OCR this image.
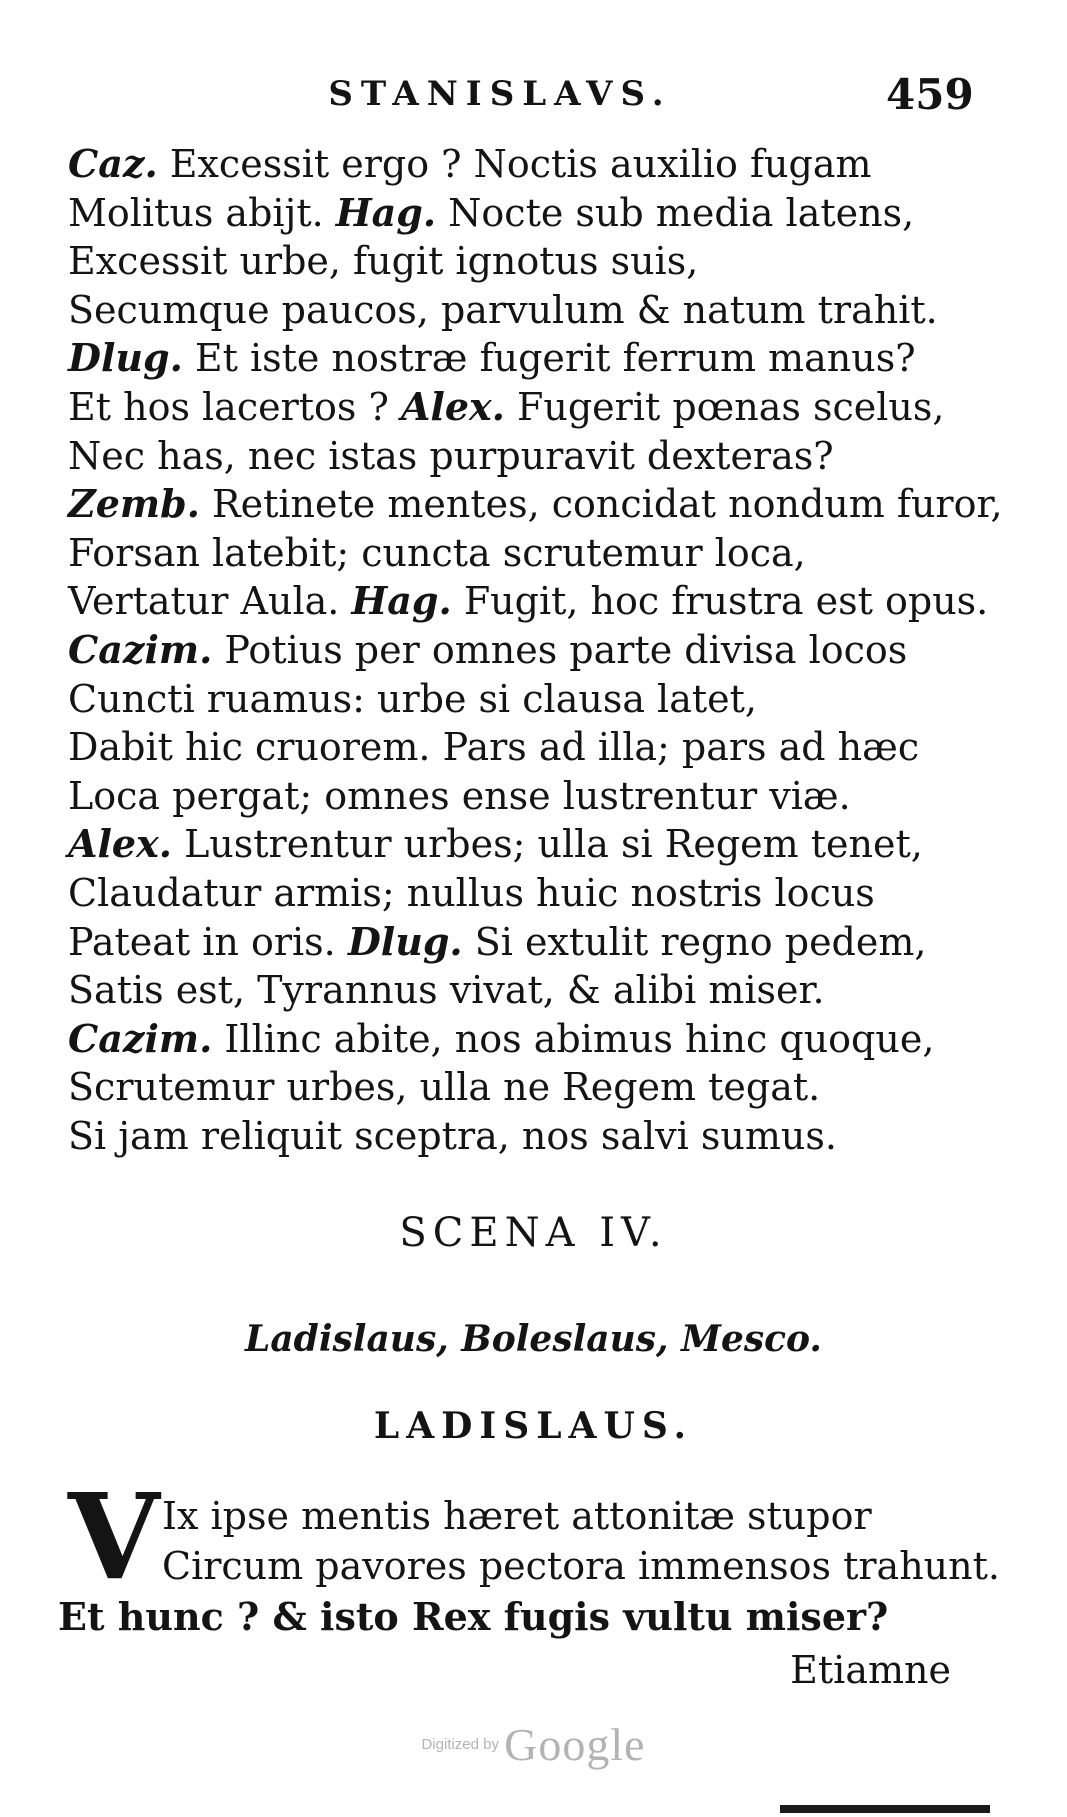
STANISLAVS.	459
Caz. Excessit ergo ? Noctis auxilio fugam
Molitus abijt. Hag. Nocte sub media latens,
Excessit urbe, fugit ignotus suis,
Secumque paucos, parvulum & natum trahit.
Dlug. Et iste nostræ fugerit ferrum manus?
Et hos lacertos ? Alex. Fugerit pœnas scelus,
Nec has, nec istas purpuravit dexteras?
Zemb. Retinete mentes, concidat nondum furor,
Forsan latebit; cuncta scrutemur loca,
Vertatur Aula. Hag. Fugit, hoc frustra est opus.
Cazim. Potius per omnes parte divisa locos
Cuncti ruamus: urbe si clausa latet,
Dabit hic cruorem. Pars ad illa; pars ad hæc
Loca pergat; omnes ense lustrentur viæ.
Alex. Lustrentur urbes; ulla si Regem tenet,
Claudatur armis; nullus huic nostris locus
Pateat in oris. Dlug. Si extulit regno pedem,
Satis est, Tyrannus vivat, & alibi miser.
Cazim. Illinc abite, nos abimus hinc quoque,
Scrutemur urbes, ulla ne Regem tegat.
Si jam reliquit sceptra, nos salvi sumus.
SCENA IV.
Ladislaus, Boleslaus, Mesco.
LADISLAUS.
V Ix ipse mentis hæret attonitæ stupor
Circum pavores pectora immensos trahunt.
Et hunc ? & isto Rex fugis vultu miser?
Etiamne
Digitized by Google
